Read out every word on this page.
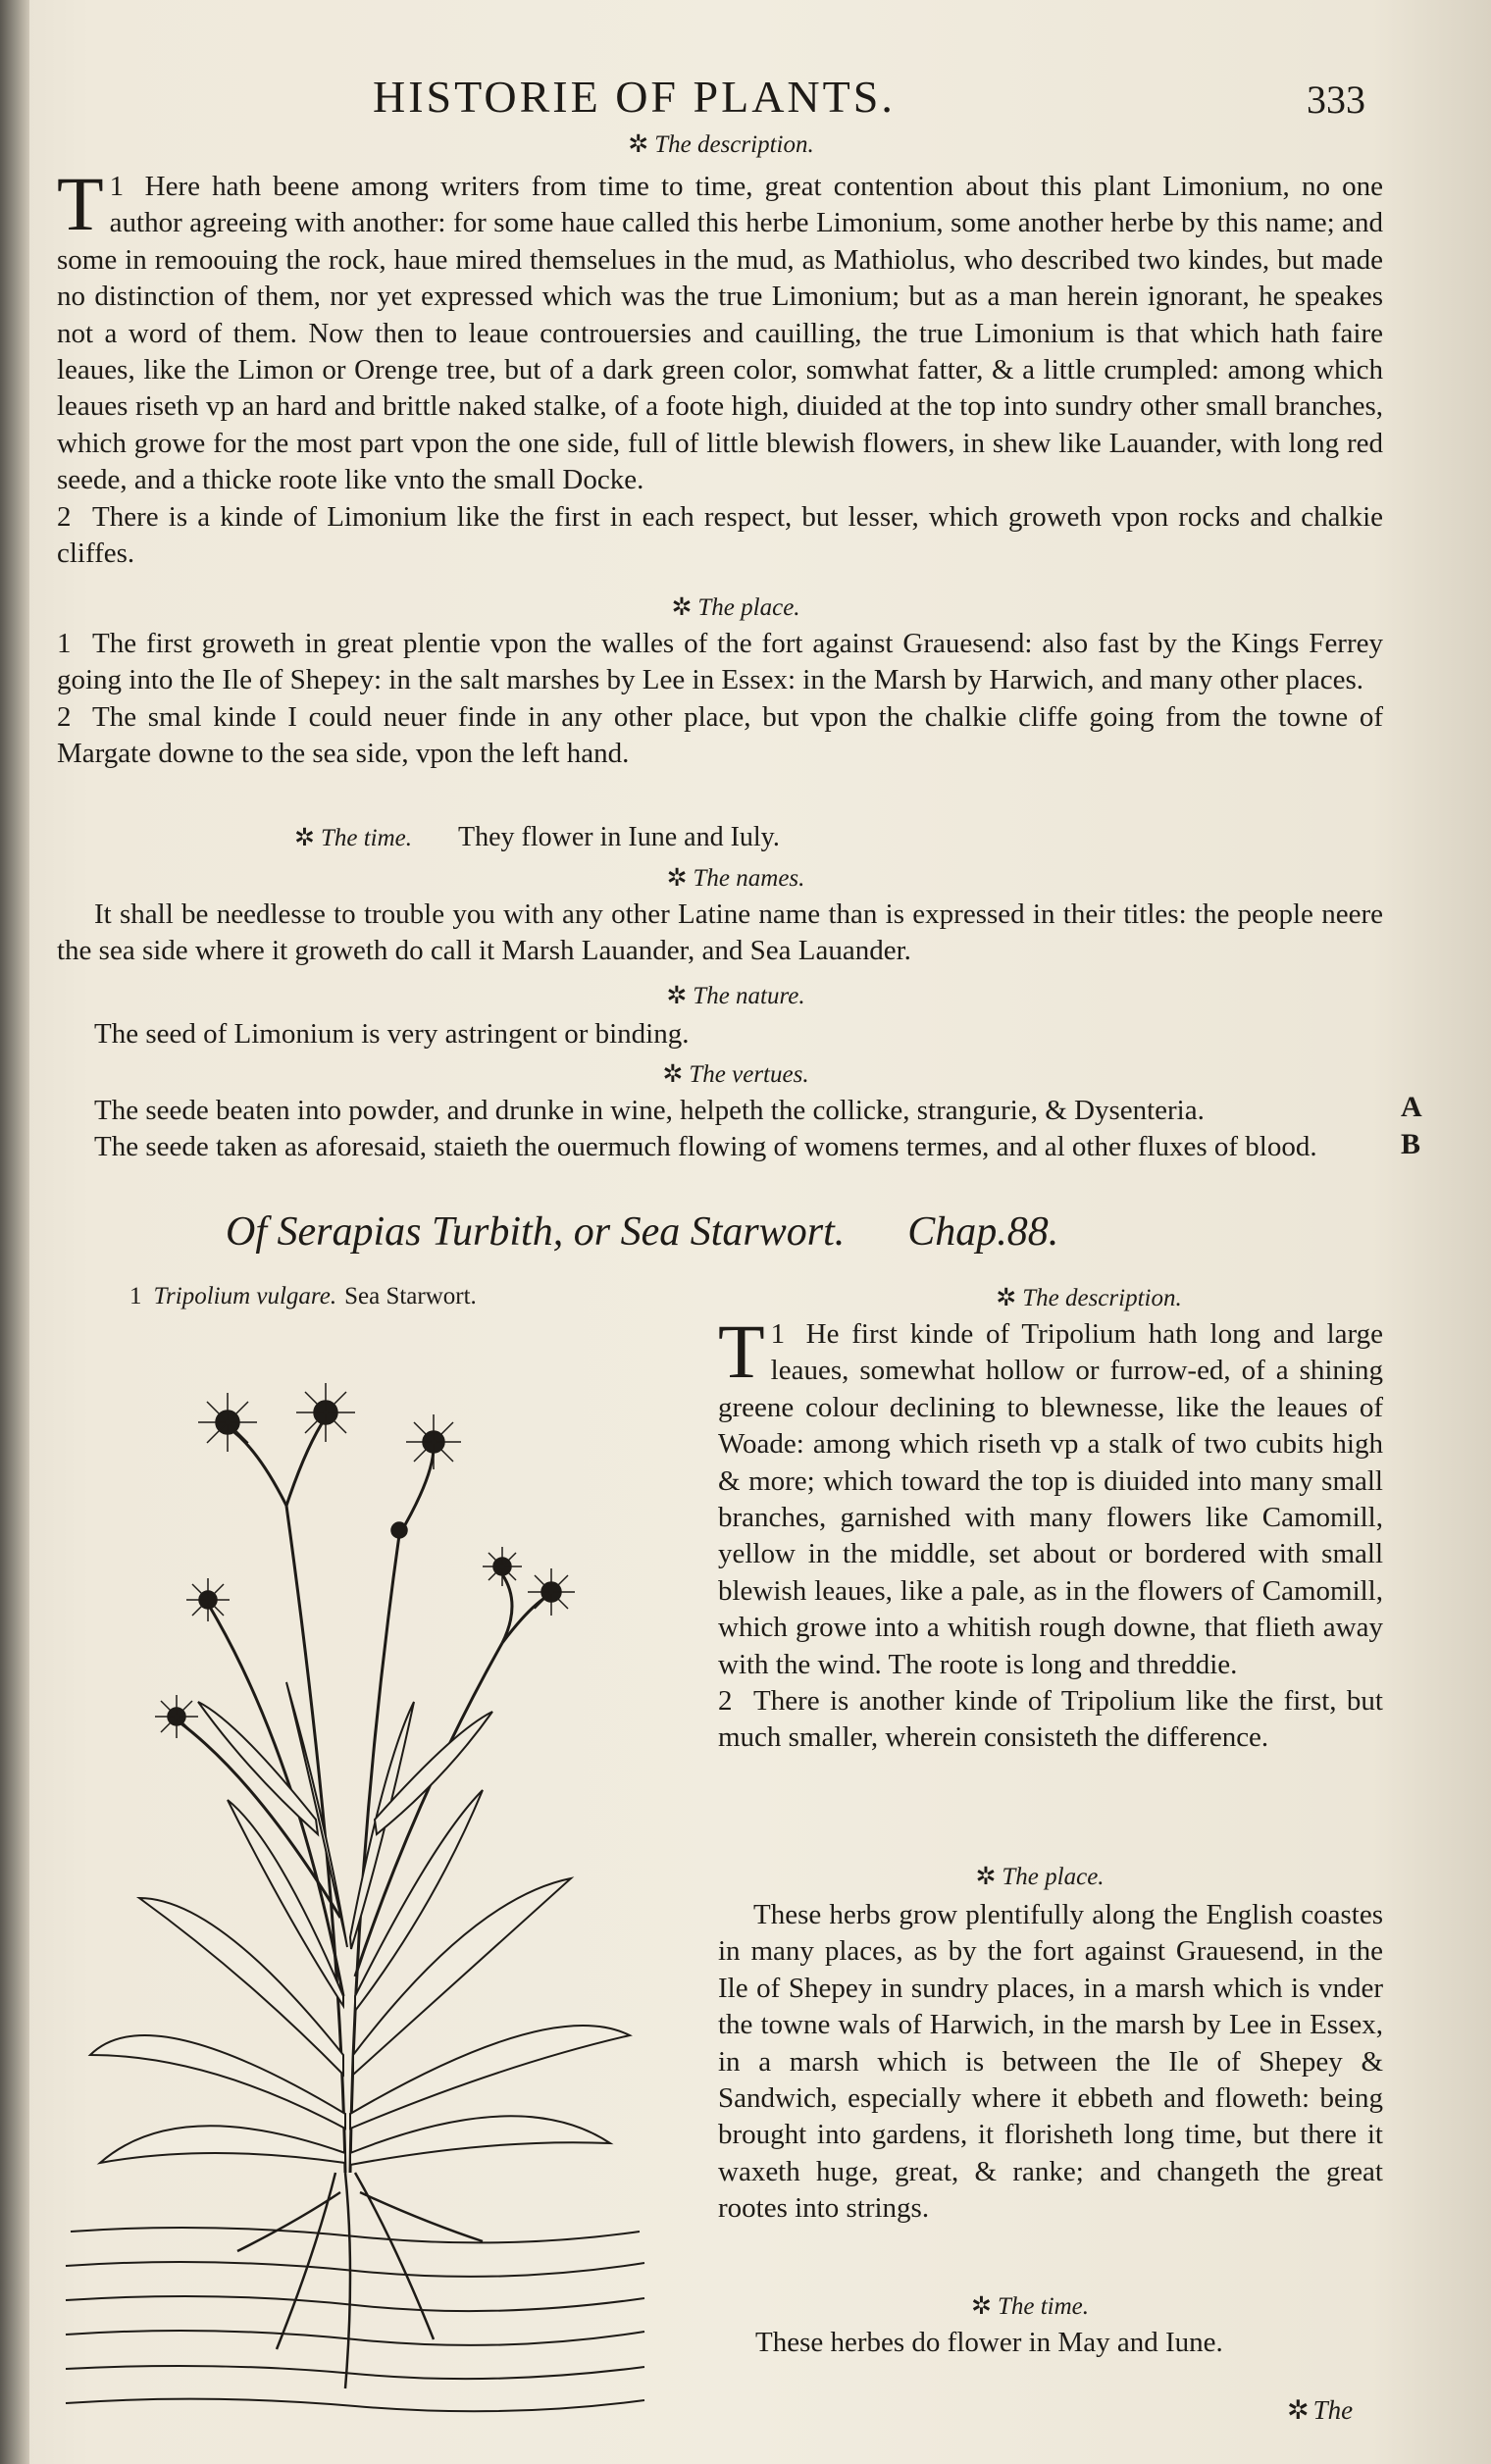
HISTORIE OF PLANTS.	333
✲ The description.

1
T Here hath beene among writers from time to time, great contention about this plant Limonium, no one author agreeing with another: for some haue called this herbe Limonium, some another herbe by this name; and some in remoouing the rock, haue mired themselues in the mud, as Mathiolus, who described two kindes, but made no distinction of them, nor yet expressed which was the true Limonium; but as a man herein ignorant, he speakes not a word of them. Now then to leaue controuersies and cauilling, the true Limonium is that which hath faire leaues, like the Limon or Orenge tree, but of a dark green color, somwhat fatter, & a little crumpled: among which leaues riseth vp an hard and brittle naked stalke, of a foote high, diuided at the top into sundry other small branches, which growe for the most part vpon the one side, full of little blewish flowers, in shew like Lauander, with long red seede, and a thicke roote like vnto the small Docke.

2 There is a kinde of Limonium like the first in each respect, but lesser, which groweth vpon rocks and chalkie cliffes.

✲ The place.

1 The first groweth in great plentie vpon the walles of the fort against Grauesend: also fast by the Kings Ferrey going into the Ile of Shepey: in the salt marshes by Lee in Essex: in the Marsh by Harwich, and many other places.

2 The smal kinde I could neuer finde in any other place, but vpon the chalkie cliffe going from the towne of Margate downe to the sea side, vpon the left hand.

✲ The time. They flower in Iune and Iuly.
✲ The names.

It shall be needlesse to trouble you with any other Latine name than is expressed in their titles: the people neere the sea side where it groweth do call it Marsh Lauander, and Sea Lauander.

✲ The nature.

The seed of Limonium is very astringent or binding.

✲ The vertues.

The seede beaten into powder, and drunke in wine, helpeth the collicke, strangurie, & Dysenteria.

The seede taken as aforesaid, staieth the ouermuch flowing of womens termes, and al other fluxes of blood.

A
B
Of Serapias Turbith, or Sea Starwort. Chap.88.
1 Tripolium vulgare. Sea Starwort.	✲ The description.

1
T He first kinde of Tripolium hath long and large leaues, somewhat hollow or furrow-ed, of a shining greene colour declining to blewnesse, like the leaues of Woade: among which riseth vp a stalk of two cubits high & more; which toward the top is diuided into many small branches, garnished with many flowers like Camomill, yellow in the middle, set about or bordered with small blewish leaues, like a pale, as in the flowers of Camomill, which growe into a whitish rough downe, that flieth away with the wind. The roote is long and threddie.

2 There is another kinde of Tripolium like the first, but much smaller, wherein consisteth the difference.

✲ The place.

These herbs grow plentifully along the English coastes in many places, as by the fort against Grauesend, in the Ile of Shepey in sundry places, in a marsh which is vnder the towne wals of Harwich, in the marsh by Lee in Essex, in a marsh which is between the Ile of Shepey & Sandwich, especially where it ebbeth and floweth: being brought into gardens, it florisheth long time, but there it waxeth huge, great, & ranke; and changeth the great rootes into strings.

✲ The time.

These herbes do flower in May and Iune.

✲ The
